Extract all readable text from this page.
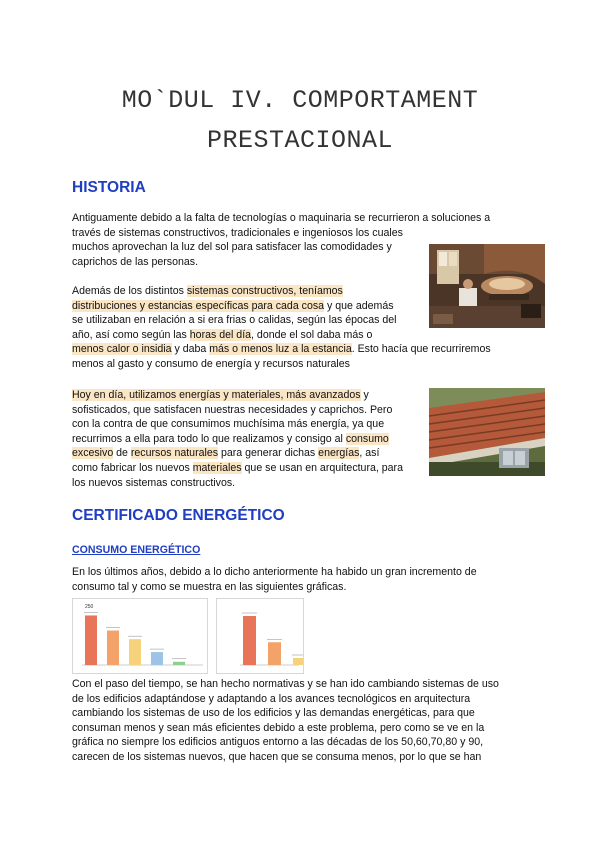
MO`DUL IV. COMPORTAMENT
PRESTACIONAL
HISTORIA
Antiguamente debido a la falta de tecnologías o maquinaria se recurrieron a soluciones a
través de sistemas constructivos, tradicionales e ingeniosos los cuales
muchos aprovechan la luz del sol para satisfacer las comodidades y
caprichos de las personas.
Además de los distintos sistemas constructivos, teníamos
distribuciones y estancias específicas para cada cosa y que además
se utilizaban en relación a si era frias o calidas, según las épocas del
año, así como según las horas del día, donde el sol daba más o
menos calor o insidia y daba más o menos luz a la estancia. Esto hacía que recurriremos
menos al gasto y consumo de energía y recursos naturales
Hoy en día, utilizamos energías y materiales, más avanzados y
sofisticados, que satisfacen nuestras necesidades y caprichos. Pero
con la contra de que consumimos muchísima más energía, ya que
recurrimos a ella para todo lo que realizamos y consigo al consumo
excesivo de recursos naturales para generar dichas energías, así
como fabricar los nuevos materiales que se usan en arquitectura, para
los nuevos sistemas constructivos.
CERTIFICADO ENERGÉTICO
CONSUMO ENERGÉTICO
En los últimos años, debido a lo dicho anteriormente ha habido un gran incremento de
consumo tal y como se muestra en las siguientes gráficas.
250
Con el paso del tiempo, se han hecho normativas y se han ido cambiando sistemas de uso
de los edificios adaptándose y adaptando a los avances tecnológicos en arquitectura
cambiando los sistemas de uso de los edificios y las demandas energéticas, para que
consuman menos y sean más eficientes debido a este problema, pero como se ve en la
gráfica no siempre los edificios antiguos entorno a las décadas de los 50,60,70,80 y 90,
carecen de los sistemas nuevos, que hacen que se consuma menos, por lo que se han
